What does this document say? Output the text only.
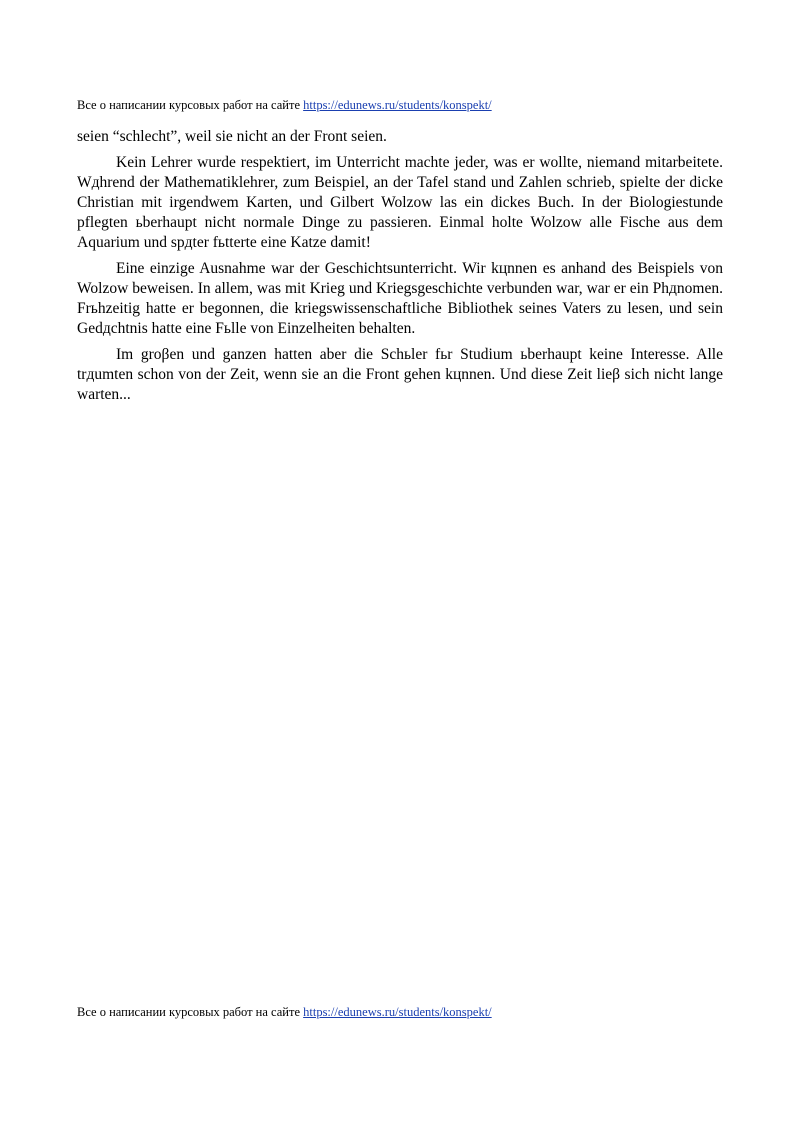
Все о написании курсовых работ на сайте https://edunews.ru/students/konspekt/

seien “schlecht”, weil sie nicht an der Front seien.

Kein Lehrer wurde respektiert, im Unterricht machte jeder, was er wollte, niemand mitarbeitete. Wдhrend der Mathematiklehrer, zum Beispiel, an der Tafel stand und Zahlen schrieb, spielte der dicke Christian mit irgendwem Karten, und Gilbert Wolzow las ein dickes Buch. In der Biologiestunde pflegten ьberhaupt nicht normale Dinge zu passieren. Einmal holte Wolzow alle Fische aus dem Aquarium und spдter fьtterte eine Katze damit!

Eine einzige Ausnahme war der Geschichtsunterricht. Wir kцnnen es anhand des Beispiels von Wolzow beweisen. In allem, was mit Krieg und Kriegsgeschichte verbunden war, war er ein Phдnomen. Frьhzeitig hatte er begonnen, die kriegswissenschaftliche Bibliothek seines Vaters zu lesen, und sein Gedдchtnis hatte eine Fьlle von Einzelheiten behalten.

Im groβen und ganzen hatten aber die Schьler fьr Studium ьberhaupt keine Interesse. Alle trдumten schon von der Zeit, wenn sie an die Front gehen kцnnen. Und diese Zeit lieβ sich nicht lange warten...

Все о написании курсовых работ на сайте https://edunews.ru/students/konspekt/
